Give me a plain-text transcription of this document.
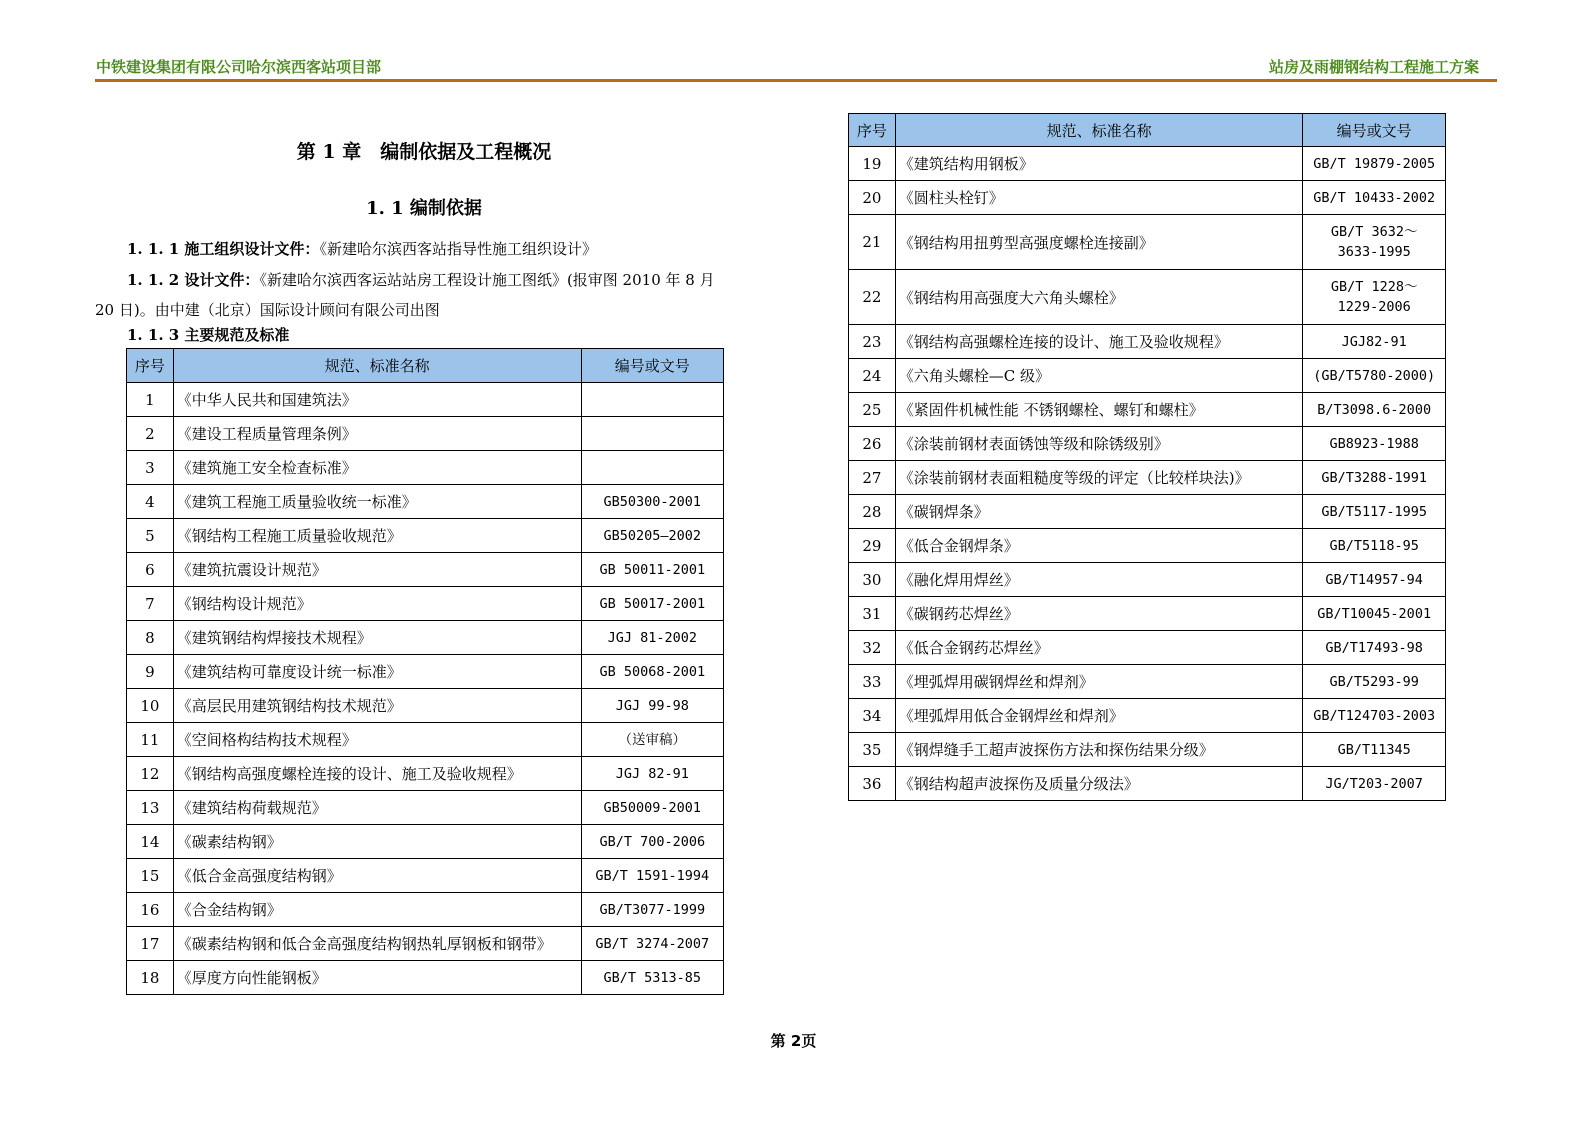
中铁建设集团有限公司哈尔滨西客站项目部	站房及雨棚钢结构工程施工方案
第 1 章　编制依据及工程概况
1. 1 编制依据
1. 1. 1 施工组织设计文件：《新建哈尔滨西客站指导性施工组织设计》
1. 1. 2 设计文件：《新建哈尔滨西客运站站房工程设计施工图纸》(报审图 2010 年 8 月
20 日)。由中建（北京）国际设计顾问有限公司出图
1. 1. 3 主要规范及标准
序号	规范、标准名称	编号或文号
1	《中华人民共和国建筑法》	

2	《建设工程质量管理条例》	

3	《建筑施工安全检查标准》	

4	《建筑工程施工质量验收统一标准》	GB50300-2001

5	《钢结构工程施工质量验收规范》	GB50205—2002

6	《建筑抗震设计规范》	GB 50011-2001

7	《钢结构设计规范》	GB 50017-2001

8	《建筑钢结构焊接技术规程》	JGJ 81-2002

9	《建筑结构可靠度设计统一标准》	GB 50068-2001

10	《高层民用建筑钢结构技术规范》	JGJ 99-98

11	《空间格构结构技术规程》	（送审稿）

12	《钢结构高强度螺栓连接的设计、施工及验收规程》	JGJ 82-91

13	《建筑结构荷载规范》	GB50009-2001

14	《碳素结构钢》	GB/T 700-2006

15	《低合金高强度结构钢》	GB/T 1591-1994

16	《合金结构钢》	GB/T3077-1999

17	《碳素结构钢和低合金高强度结构钢热轧厚钢板和钢带》	GB/T 3274-2007

18	《厚度方向性能钢板》	GB/T 5313-85
序号	规范、标准名称	编号或文号
19	《建筑结构用钢板》	GB/T 19879-2005

20	《圆柱头栓钉》	GB/T 10433-2002

21	《钢结构用扭剪型高强度螺栓连接副》	GB/T 3632～
3633-1995

22	《钢结构用高强度大六角头螺栓》	GB/T 1228～
1229-2006

23	《钢结构高强螺栓连接的设计、施工及验收规程》	JGJ82-91

24	《六角头螺栓—C 级》	(GB/T5780-2000)

25	《紧固件机械性能 不锈钢螺栓、螺钉和螺柱》	B/T3098.6-2000

26	《涂装前钢材表面锈蚀等级和除锈级别》	GB8923-1988

27	《涂装前钢材表面粗糙度等级的评定（比较样块法)》	GB/T3288-1991

28	《碳钢焊条》	GB/T5117-1995

29	《低合金钢焊条》	GB/T5118-95

30	《融化焊用焊丝》	GB/T14957-94

31	《碳钢药芯焊丝》	GB/T10045-2001

32	《低合金钢药芯焊丝》	GB/T17493-98

33	《埋弧焊用碳钢焊丝和焊剂》	GB/T5293-99

34	《埋弧焊用低合金钢焊丝和焊剂》	GB/T124703-2003

35	《钢焊缝手工超声波探伤方法和探伤结果分级》	GB/T11345

36	《钢结构超声波探伤及质量分级法》	JG/T203-2007
第 2页
